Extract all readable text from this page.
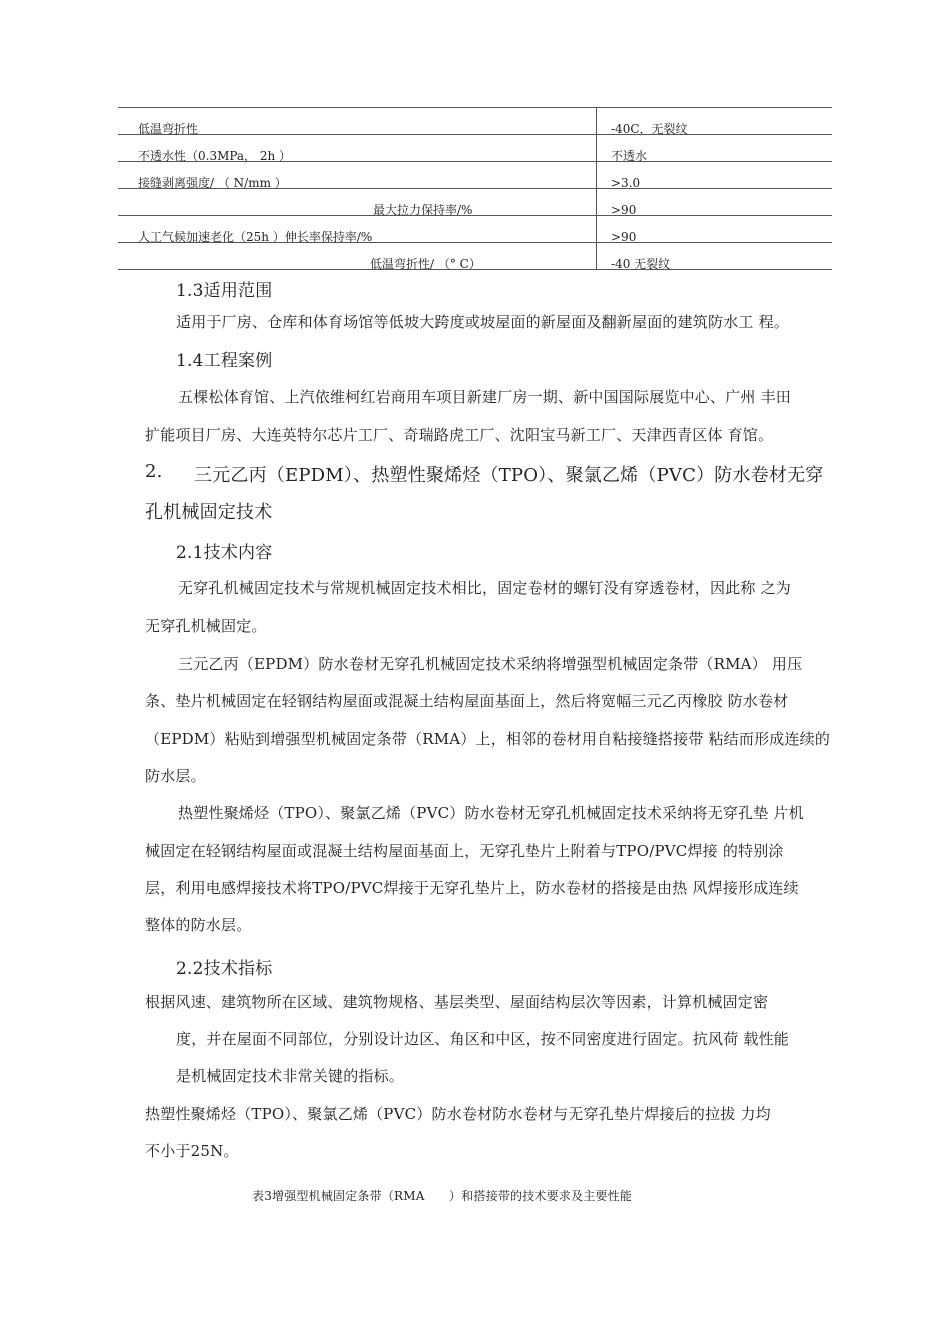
低温弯折性	-40C，无裂纹
不透水性（0.3MPa， 2h ）	不透水
接缝剥离强度/ （ N/mm ）	>3.0
最大拉力保持率/%	>90
人工气候加速老化（25h ）伸长率保持率/%	>90
低温弯折性/ （° C）	-40 无裂纹
1.3适用范围
适用于厂房、仓库和体育场馆等低坡大跨度或坡屋面的新屋面及翻新屋面的建筑防水工 程。
1.4工程案例
五棵松体育馆、上汽依维柯红岩商用车项目新建厂房一期、新中国国际展览中心、广州 丰田
扩能项目厂房、大连英特尔芯片工厂、奇瑞路虎工厂、沈阳宝马新工厂、天津西青区体 育馆。
2. 三元乙丙（EPDM）、热塑性聚烯烃（TPO）、聚氯乙烯（PVC）防水卷材无穿
孔机械固定技术
2.1技术内容
无穿孔机械固定技术与常规机械固定技术相比，固定卷材的螺钉没有穿透卷材，因此称 之为
无穿孔机械固定。
三元乙丙（EPDM）防水卷材无穿孔机械固定技术采纳将增强型机械固定条带（RMA） 用压
条、垫片机械固定在轻钢结构屋面或混凝土结构屋面基面上，然后将宽幅三元乙丙橡胶 防水卷材
（EPDM）粘贴到增强型机械固定条带（RMA）上，相邻的卷材用自粘接缝搭接带 粘结而形成连续的
防水层。
热塑性聚烯烃（TPO）、聚氯乙烯（PVC）防水卷材无穿孔机械固定技术采纳将无穿孔垫 片机
械固定在轻钢结构屋面或混凝土结构屋面基面上，无穿孔垫片上附着与TPO/PVC焊接 的特别涂
层，利用电感焊接技术将TPO/PVC焊接于无穿孔垫片上，防水卷材的搭接是由热 风焊接形成连续
整体的防水层。
2.2技术指标
根据风速、建筑物所在区域、建筑物规格、基层类型、屋面结构层次等因素，计算机械固定密
度，并在屋面不同部位，分别设计边区、角区和中区，按不同密度进行固定。抗风荷 载性能
是机械固定技术非常关键的指标。
热塑性聚烯烃（TPO）、聚氯乙烯（PVC）防水卷材防水卷材与无穿孔垫片焊接后的拉拔 力均
不小于25N。
表3增强型机械固定条带（RMA　　）和搭接带的技术要求及主要性能
